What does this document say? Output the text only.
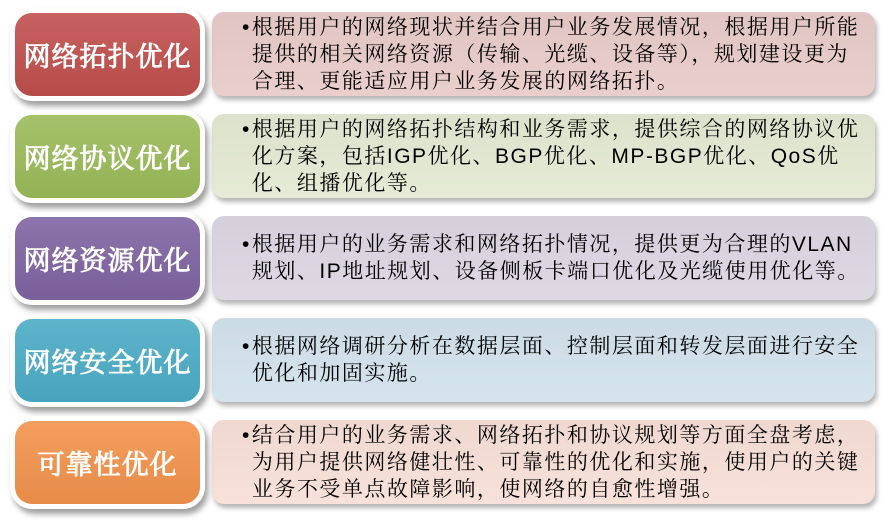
• 根据用户的网络现状并结合用户业务发展情况，根据用户所能提供的相关网络资源（传输、光缆、设备等），规划建设更为合理、更能适应用户业务发展的网络拓扑。
网络拓扑优化
• 根据用户的网络拓扑结构和业务需求，提供综合的网络协议优化方案，包括IGP优化、BGP优化、MP-BGP优化、QoS优化、组播优化等。
网络协议优化
• 根据用户的业务需求和网络拓扑情况，提供更为合理的VLAN规划、IP地址规划、设备侧板卡端口优化及光缆使用优化等。
网络资源优化
• 根据网络调研分析在数据层面、控制层面和转发层面进行安全优化和加固实施。
网络安全优化
• 结合用户的业务需求、网络拓扑和协议规划等方面全盘考虑，为用户提供网络健壮性、可靠性的优化和实施，使用户的关键业务不受单点故障影响，使网络的自愈性增强。
可靠性优化
